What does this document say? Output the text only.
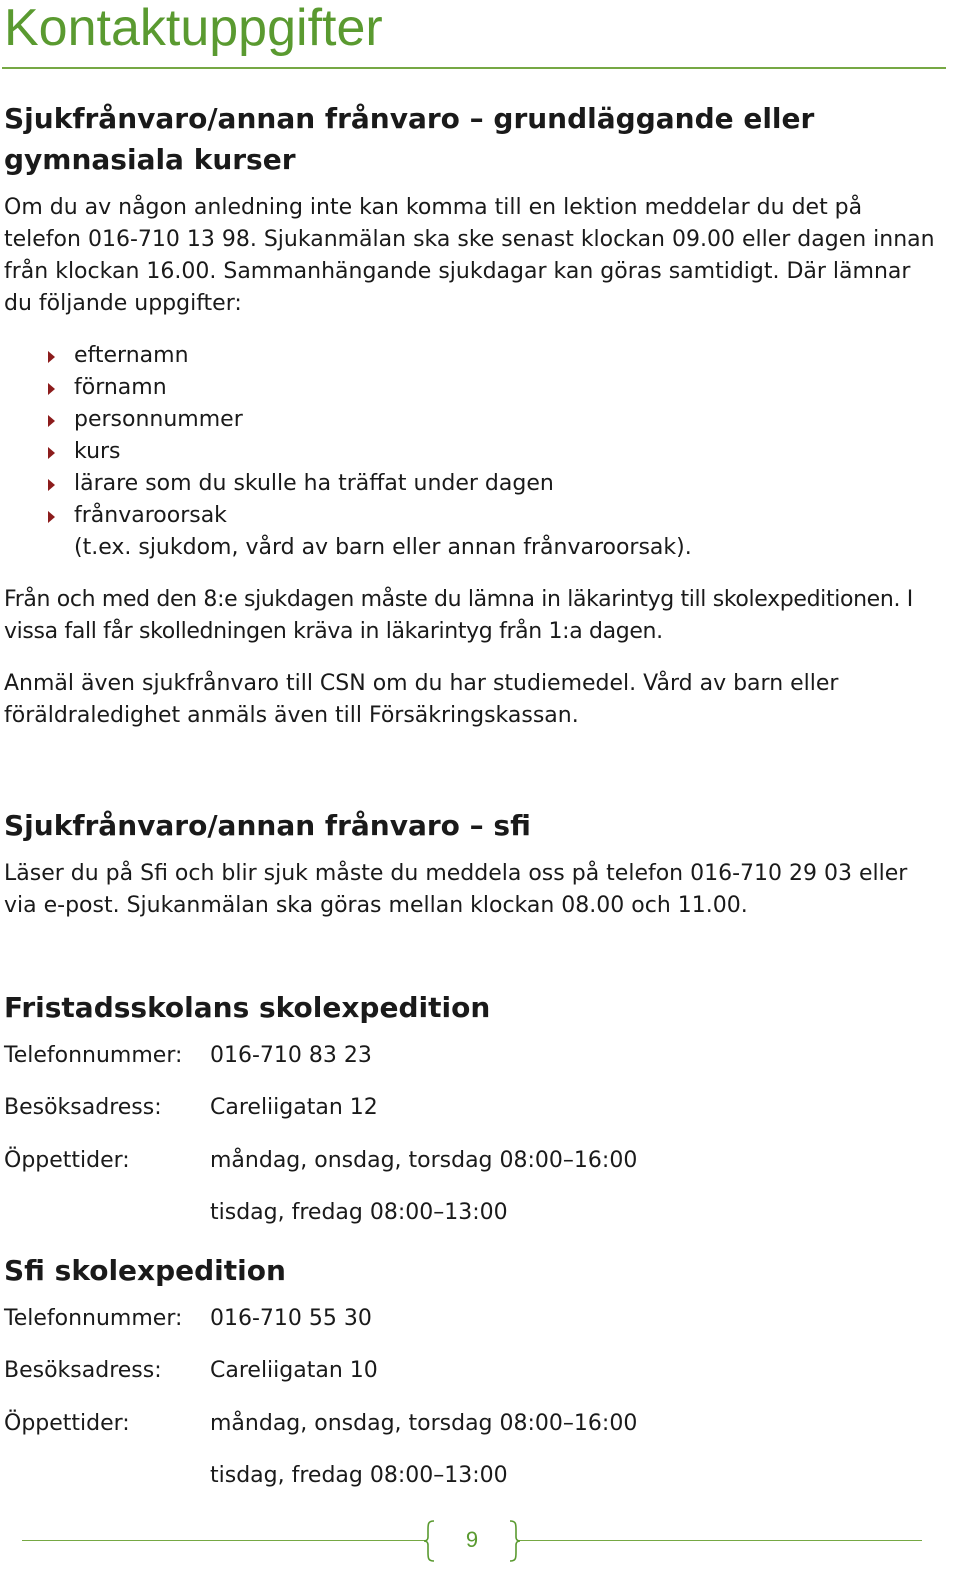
Kontaktuppgifter
Sjukfrånvaro/annan frånvaro – grundläggande eller gymnasiala kurser

Om du av någon anledning inte kan komma till en lektion meddelar du det på telefon 016-710 13 98. Sjukanmälan ska ske senast klockan 09.00 eller dagen innan från klockan 16.00. Sammanhängande sjukdagar kan göras samtidigt. Där lämnar du följande uppgifter:

efternamn
förnamn
personnummer
kurs
lärare som du skulle ha träffat under dagen
frånvaroorsak
(t.ex. sjukdom, vård av barn eller annan frånvaroorsak).

Från och med den 8:e sjukdagen måste du lämna in läkarintyg till skolexpeditionen. I vissa fall får skolledningen kräva in läkarintyg från 1:a dagen.

Anmäl även sjukfrånvaro till CSN om du har studiemedel. Vård av barn eller föräldraledighet anmäls även till Försäkringskassan.

Sjukfrånvaro/annan frånvaro – sfi

Läser du på Sfi och blir sjuk måste du meddela oss på telefon 016-710 29 03 eller via e-post. Sjukanmälan ska göras mellan klockan 08.00 och 11.00.

Fristadsskolans skolexpedition
Telefonnummer: 016-710 83 23
Besöksadress: Careliigatan 12
Öppettider:	måndag, onsdag, torsdag 08:00–16:00
tisdag, fredag 08:00–13:00
Sfi skolexpedition
Telefonnummer: 016-710 55 30
Besöksadress: Careliigatan 10
Öppettider:	måndag, onsdag, torsdag 08:00–16:00
tisdag, fredag 08:00–13:00
9
